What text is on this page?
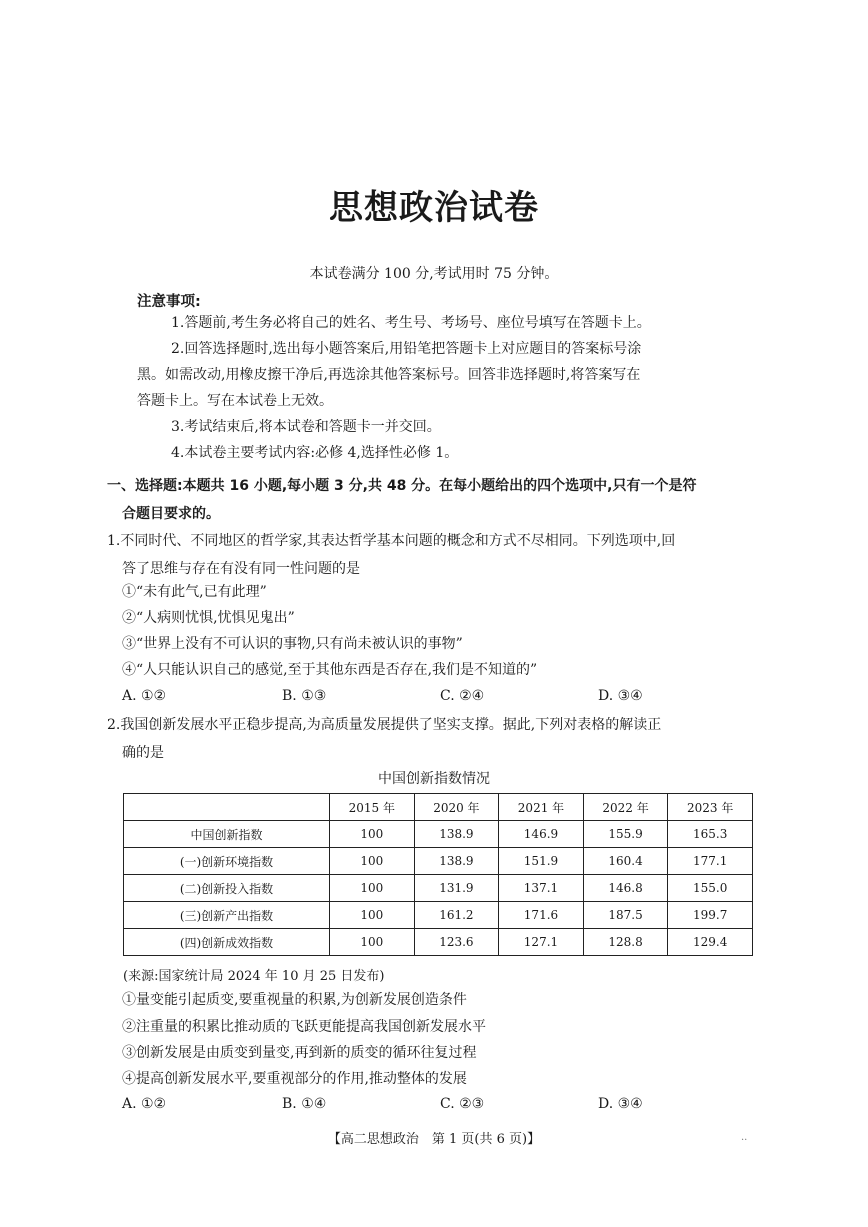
思想政治试卷
本试卷满分 100 分,考试用时 75 分钟。
注意事项:
1.答题前,考生务必将自己的姓名、考生号、考场号、座位号填写在答题卡上。
2.回答选择题时,选出每小题答案后,用铅笔把答题卡上对应题目的答案标号涂
黑。如需改动,用橡皮擦干净后,再选涂其他答案标号。回答非选择题时,将答案写在
答题卡上。写在本试卷上无效。
3.考试结束后,将本试卷和答题卡一并交回。
4.本试卷主要考试内容:必修 4,选择性必修 1。
一、选择题:本题共 16 小题,每小题 3 分,共 48 分。在每小题给出的四个选项中,只有一个是符
合题目要求的。
1.不同时代、不同地区的哲学家,其表达哲学基本问题的概念和方式不尽相同。下列选项中,回
答了思维与存在有没有同一性问题的是
①“未有此气,已有此理”
②“人病则忧惧,忧惧见鬼出”
③“世界上没有不可认识的事物,只有尚未被认识的事物”
④“人只能认识自己的感觉,至于其他东西是否存在,我们是不知道的”
A. ①②	B. ①③	C. ②④	D. ③④
2.我国创新发展水平正稳步提高,为高质量发展提供了坚实支撑。据此,下列对表格的解读正
确的是
中国创新指数情况
	2015 年	2020 年	2021 年	2022 年	2023 年
中国创新指数	100	138.9	146.9	155.9	165.3
(一)创新环境指数	100	138.9	151.9	160.4	177.1
(二)创新投入指数	100	131.9	137.1	146.8	155.0
(三)创新产出指数	100	161.2	171.6	187.5	199.7
(四)创新成效指数	100	123.6	127.1	128.8	129.4
(来源:国家统计局 2024 年 10 月 25 日发布)
①量变能引起质变,要重视量的积累,为创新发展创造条件
②注重量的积累比推动质的飞跃更能提高我国创新发展水平
③创新发展是由质变到量变,再到新的质变的循环往复过程
④提高创新发展水平,要重视部分的作用,推动整体的发展
A. ①②	B. ①④	C. ②③	D. ③④
【高二思想政治　第 1 页(共 6 页)】	..
